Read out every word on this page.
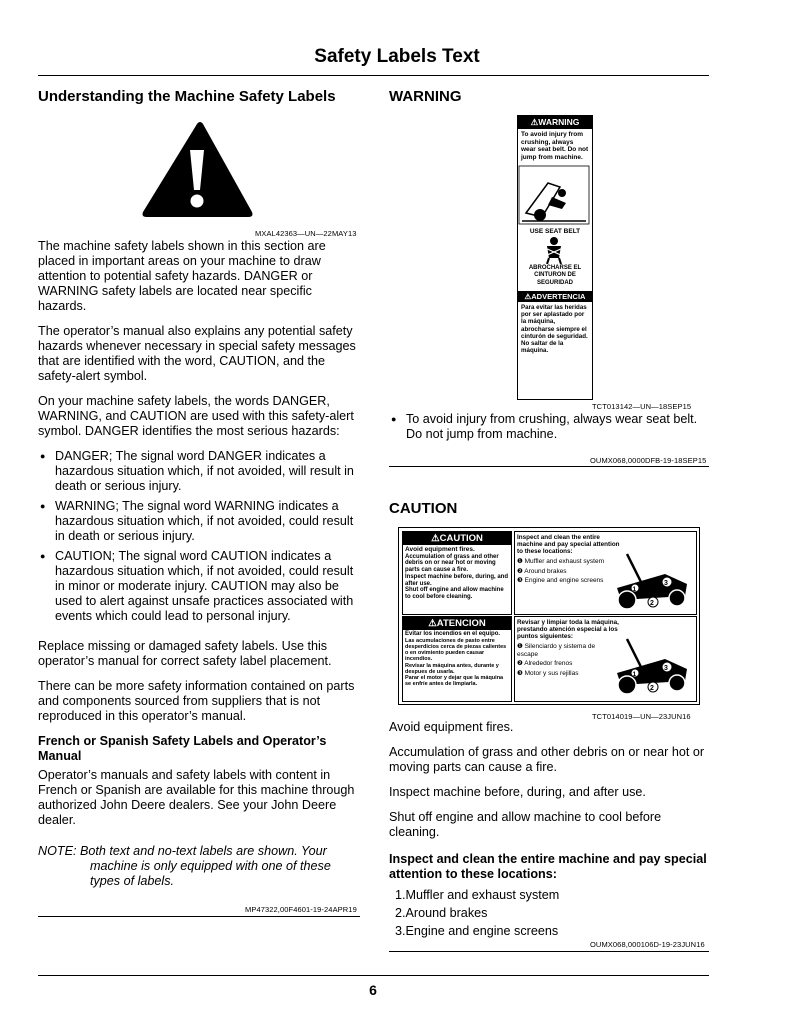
Safety Labels Text
Understanding the Machine Safety Labels
MXAL42363—UN—22MAY13

The machine safety labels shown in this section are placed in important areas on your machine to draw attention to potential safety hazards. DANGER or WARNING safety labels are located near specific hazards.

The operator’s manual also explains any potential safety hazards whenever necessary in special safety messages that are identified with the word, CAUTION, and the safety-alert symbol.

On your machine safety labels, the words DANGER, WARNING, and CAUTION are used with this safety-alert symbol. DANGER identifies the most serious hazards:

● DANGER; The signal word DANGER indicates a hazardous situation which, if not avoided, will result in death or serious injury.
● WARNING; The signal word WARNING indicates a hazardous situation which, if not avoided, could result in death or serious injury.
● CAUTION; The signal word CAUTION indicates a hazardous situation which, if not avoided, could result in minor or moderate injury. CAUTION may also be used to alert against unsafe practices associated with events which could lead to personal injury.

Replace missing or damaged safety labels. Use this operator’s manual for correct safety label placement.

There can be more safety information contained on parts and components sourced from suppliers that is not reproduced in this operator’s manual.

French or Spanish Safety Labels and Operator’s Manual

Operator’s manuals and safety labels with content in French or Spanish are available for this machine through authorized John Deere dealers. See your John Deere dealer.

NOTE: Both text and no-text labels are shown. Your machine is only equipped with one of these types of labels.
MP47322,00F4601-19-24APR19
WARNING
⚠WARNING
To avoid injury from crushing, always wear seat belt. Do not jump from machine.
USE SEAT BELT
ABROCHARSE EL CINTURON DE SEGURIDAD
⚠ADVERTENCIA
Para evitar las heridas por ser aplastado por la máquina, abrocharse siempre el cinturón de seguridad. No saltar de la máquina.
TCT013142—UN—18SEP15
● To avoid injury from crushing, always wear seat belt. Do not jump from machine.
OUMX068,0000DFB-19-18SEP15
CAUTION
⚠CAUTION
Avoid equipment fires.
Accumulation of grass and other debris on or near hot or moving parts can cause a fire.
Inspect machine before, during, and after use.
Shut off engine and allow machine to cool before cleaning.
Inspect and clean the entire machine and pay special attention to these locations:
❶ Muffler and exhaust system
❷ Around brakes
❸ Engine and engine screens
2
3
1
⚠ATENCION
Evitar los incendios en el equipo.
Las acumulaciones de pasto entre desperdicios cerca de piezas calientes o en ovimiento pueden causar incendios.
Revisar la máquina antes, durante y despues de usarla.
Parar el motor y dejar que la máquina se enfríe antes de limpiarla.
Revisar y limpiar toda la máquina, prestando atención especial a los puntos siguientes:
❶ Silenciardo y sistema de escape
❷ Alrededor frenos
❸ Motor y sus rejillas
2
3
1
TCT014019—UN—23JUN16

Avoid equipment fires.

Accumulation of grass and other debris on or near hot or moving parts can cause a fire.

Inspect machine before, during, and after use.

Shut off engine and allow machine to cool before cleaning.

Inspect and clean the entire machine and pay special attention to these locations:
1.Muffler and exhaust system
2.Around brakes
3.Engine and engine screens
OUMX068,000106D-19-23JUN16
6
